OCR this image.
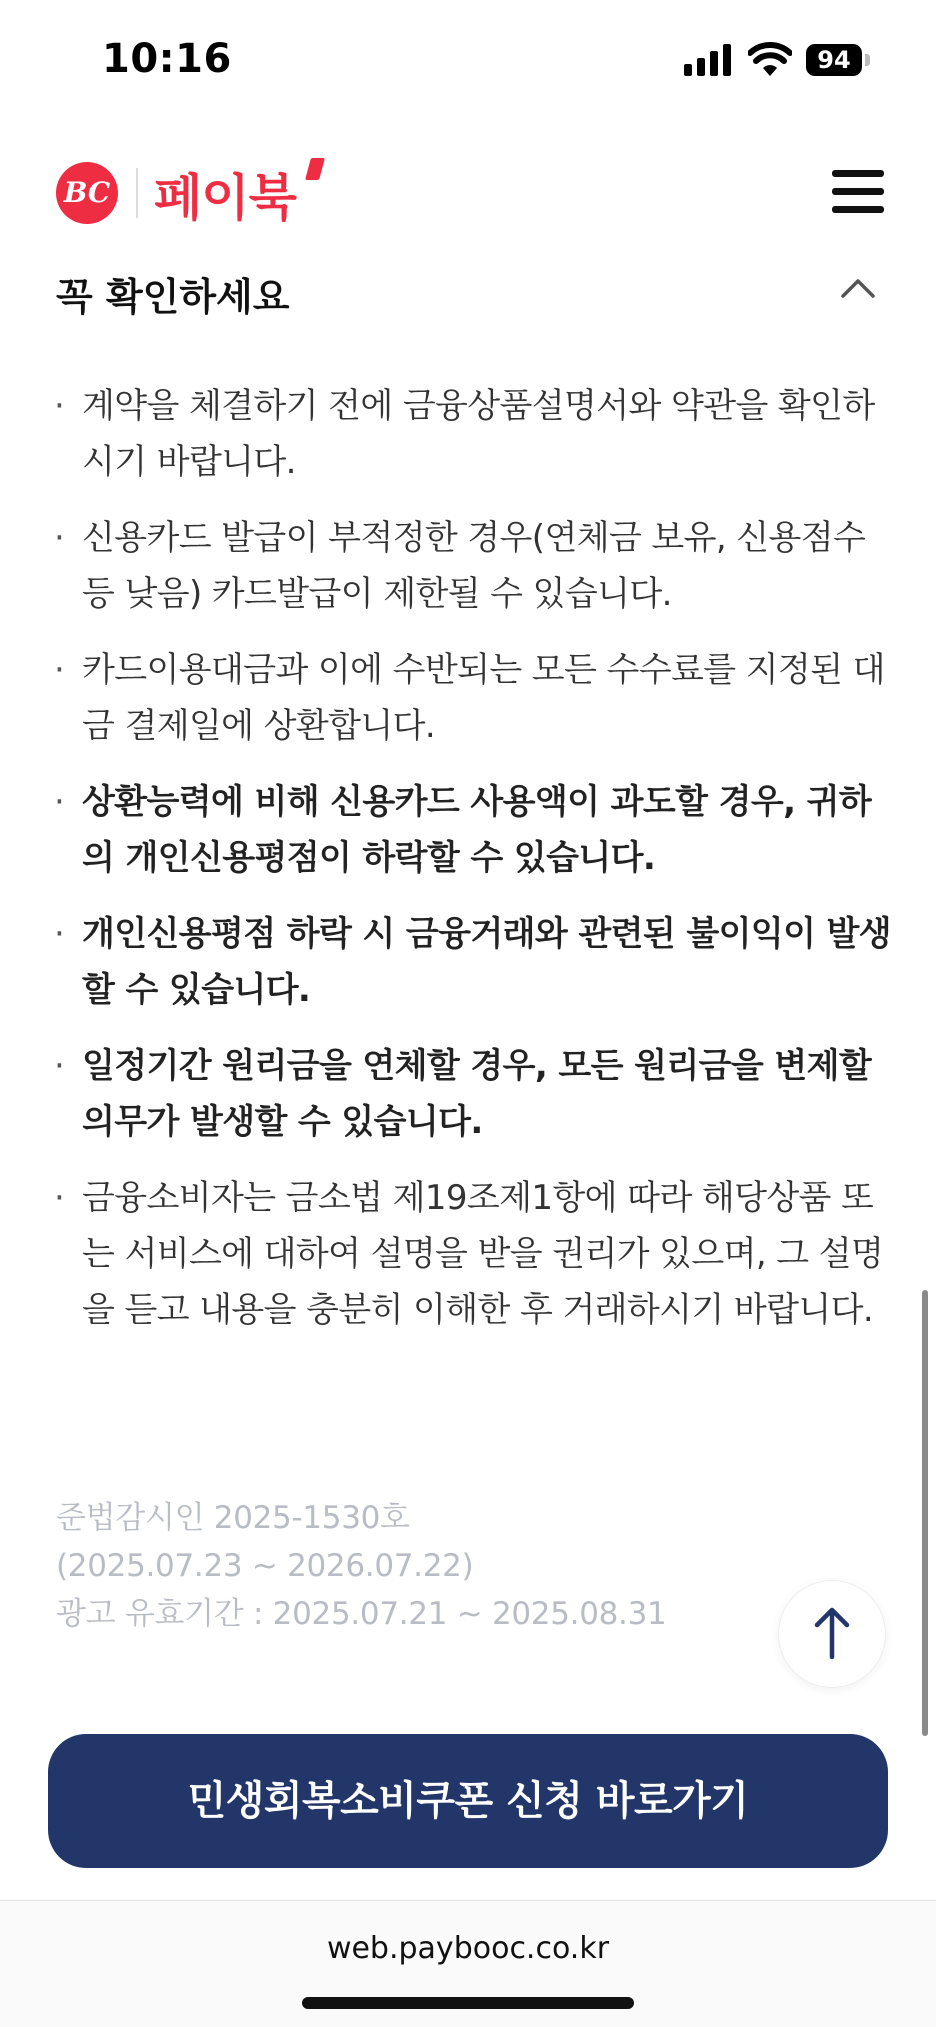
10:16	94
BC 페이북
꼭 확인하세요
· 계약을 체결하기 전에 금융상품설명서와 약관을 확인하시기 바랍니다.
· 신용카드 발급이 부적정한 경우(연체금 보유, 신용점수 등 낮음) 카드발급이 제한될 수 있습니다.
· 카드이용대금과 이에 수반되는 모든 수수료를 지정된 대금 결제일에 상환합니다.
· 상환능력에 비해 신용카드 사용액이 과도할 경우, 귀하의 개인신용평점이 하락할 수 있습니다.
· 개인신용평점 하락 시 금융거래와 관련된 불이익이 발생할 수 있습니다.
· 일정기간 원리금을 연체할 경우, 모든 원리금을 변제할 의무가 발생할 수 있습니다.
· 금융소비자는 금소법 제19조제1항에 따라 해당상품 또는 서비스에 대하여 설명을 받을 권리가 있으며, 그 설명을 듣고 내용을 충분히 이해한 후 거래하시기 바랍니다.
준법감시인 2025-1530호
(2025.07.23 ~ 2026.07.22)
광고 유효기간 : 2025.07.21 ~ 2025.08.31
민생회복소비쿠폰 신청 바로가기
web.paybooc.co.kr
